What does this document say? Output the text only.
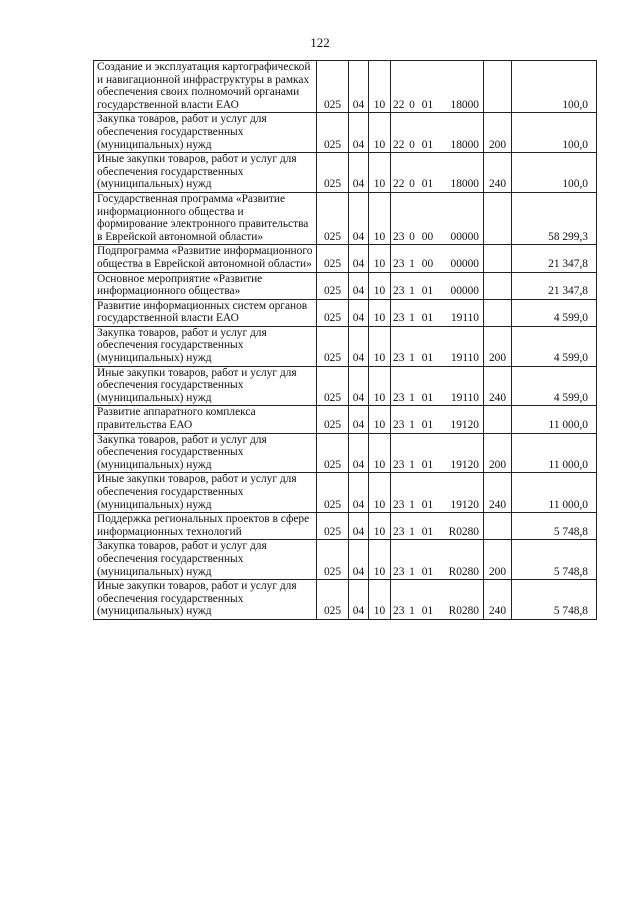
122
Создание и эксплуатация картографической и навигационной инфраструктуры в рамках обеспечения своих полномочий органами государственной власти ЕАО	025	04	10	22	0	01	18000		100,0
Закупка товаров, работ и услуг для обеспечения государственных (муниципальных) нужд	025	04	10	22	0	01	18000	200	100,0
Иные закупки товаров, работ и услуг для обеспечения государственных (муниципальных) нужд	025	04	10	22	0	01	18000	240	100,0
Государственная программа «Развитие информационного общества и формирование электронного правительства в Еврейской автономной области»	025	04	10	23	0	00	00000		58 299,3
Подпрограмма «Развитие информационного общества в Еврейской автономной области»	025	04	10	23	1	00	00000		21 347,8
Основное мероприятие «Развитие информационного общества»	025	04	10	23	1	01	00000		21 347,8
Развитие информационных систем органов государственной власти ЕАО	025	04	10	23	1	01	19110		4 599,0
Закупка товаров, работ и услуг для обеспечения государственных (муниципальных) нужд	025	04	10	23	1	01	19110	200	4 599,0
Иные закупки товаров, работ и услуг для обеспечения государственных (муниципальных) нужд	025	04	10	23	1	01	19110	240	4 599,0
Развитие аппаратного комплекса правительства ЕАО	025	04	10	23	1	01	19120		11 000,0
Закупка товаров, работ и услуг для обеспечения государственных (муниципальных) нужд	025	04	10	23	1	01	19120	200	11 000,0
Иные закупки товаров, работ и услуг для обеспечения государственных (муниципальных) нужд	025	04	10	23	1	01	19120	240	11 000,0
Поддержка региональных проектов в сфере информационных технологий	025	04	10	23	1	01	R0280		5 748,8
Закупка товаров, работ и услуг для обеспечения государственных (муниципальных) нужд	025	04	10	23	1	01	R0280	200	5 748,8
Иные закупки товаров, работ и услуг для обеспечения государственных (муниципальных) нужд	025	04	10	23	1	01	R0280	240	5 748,8
